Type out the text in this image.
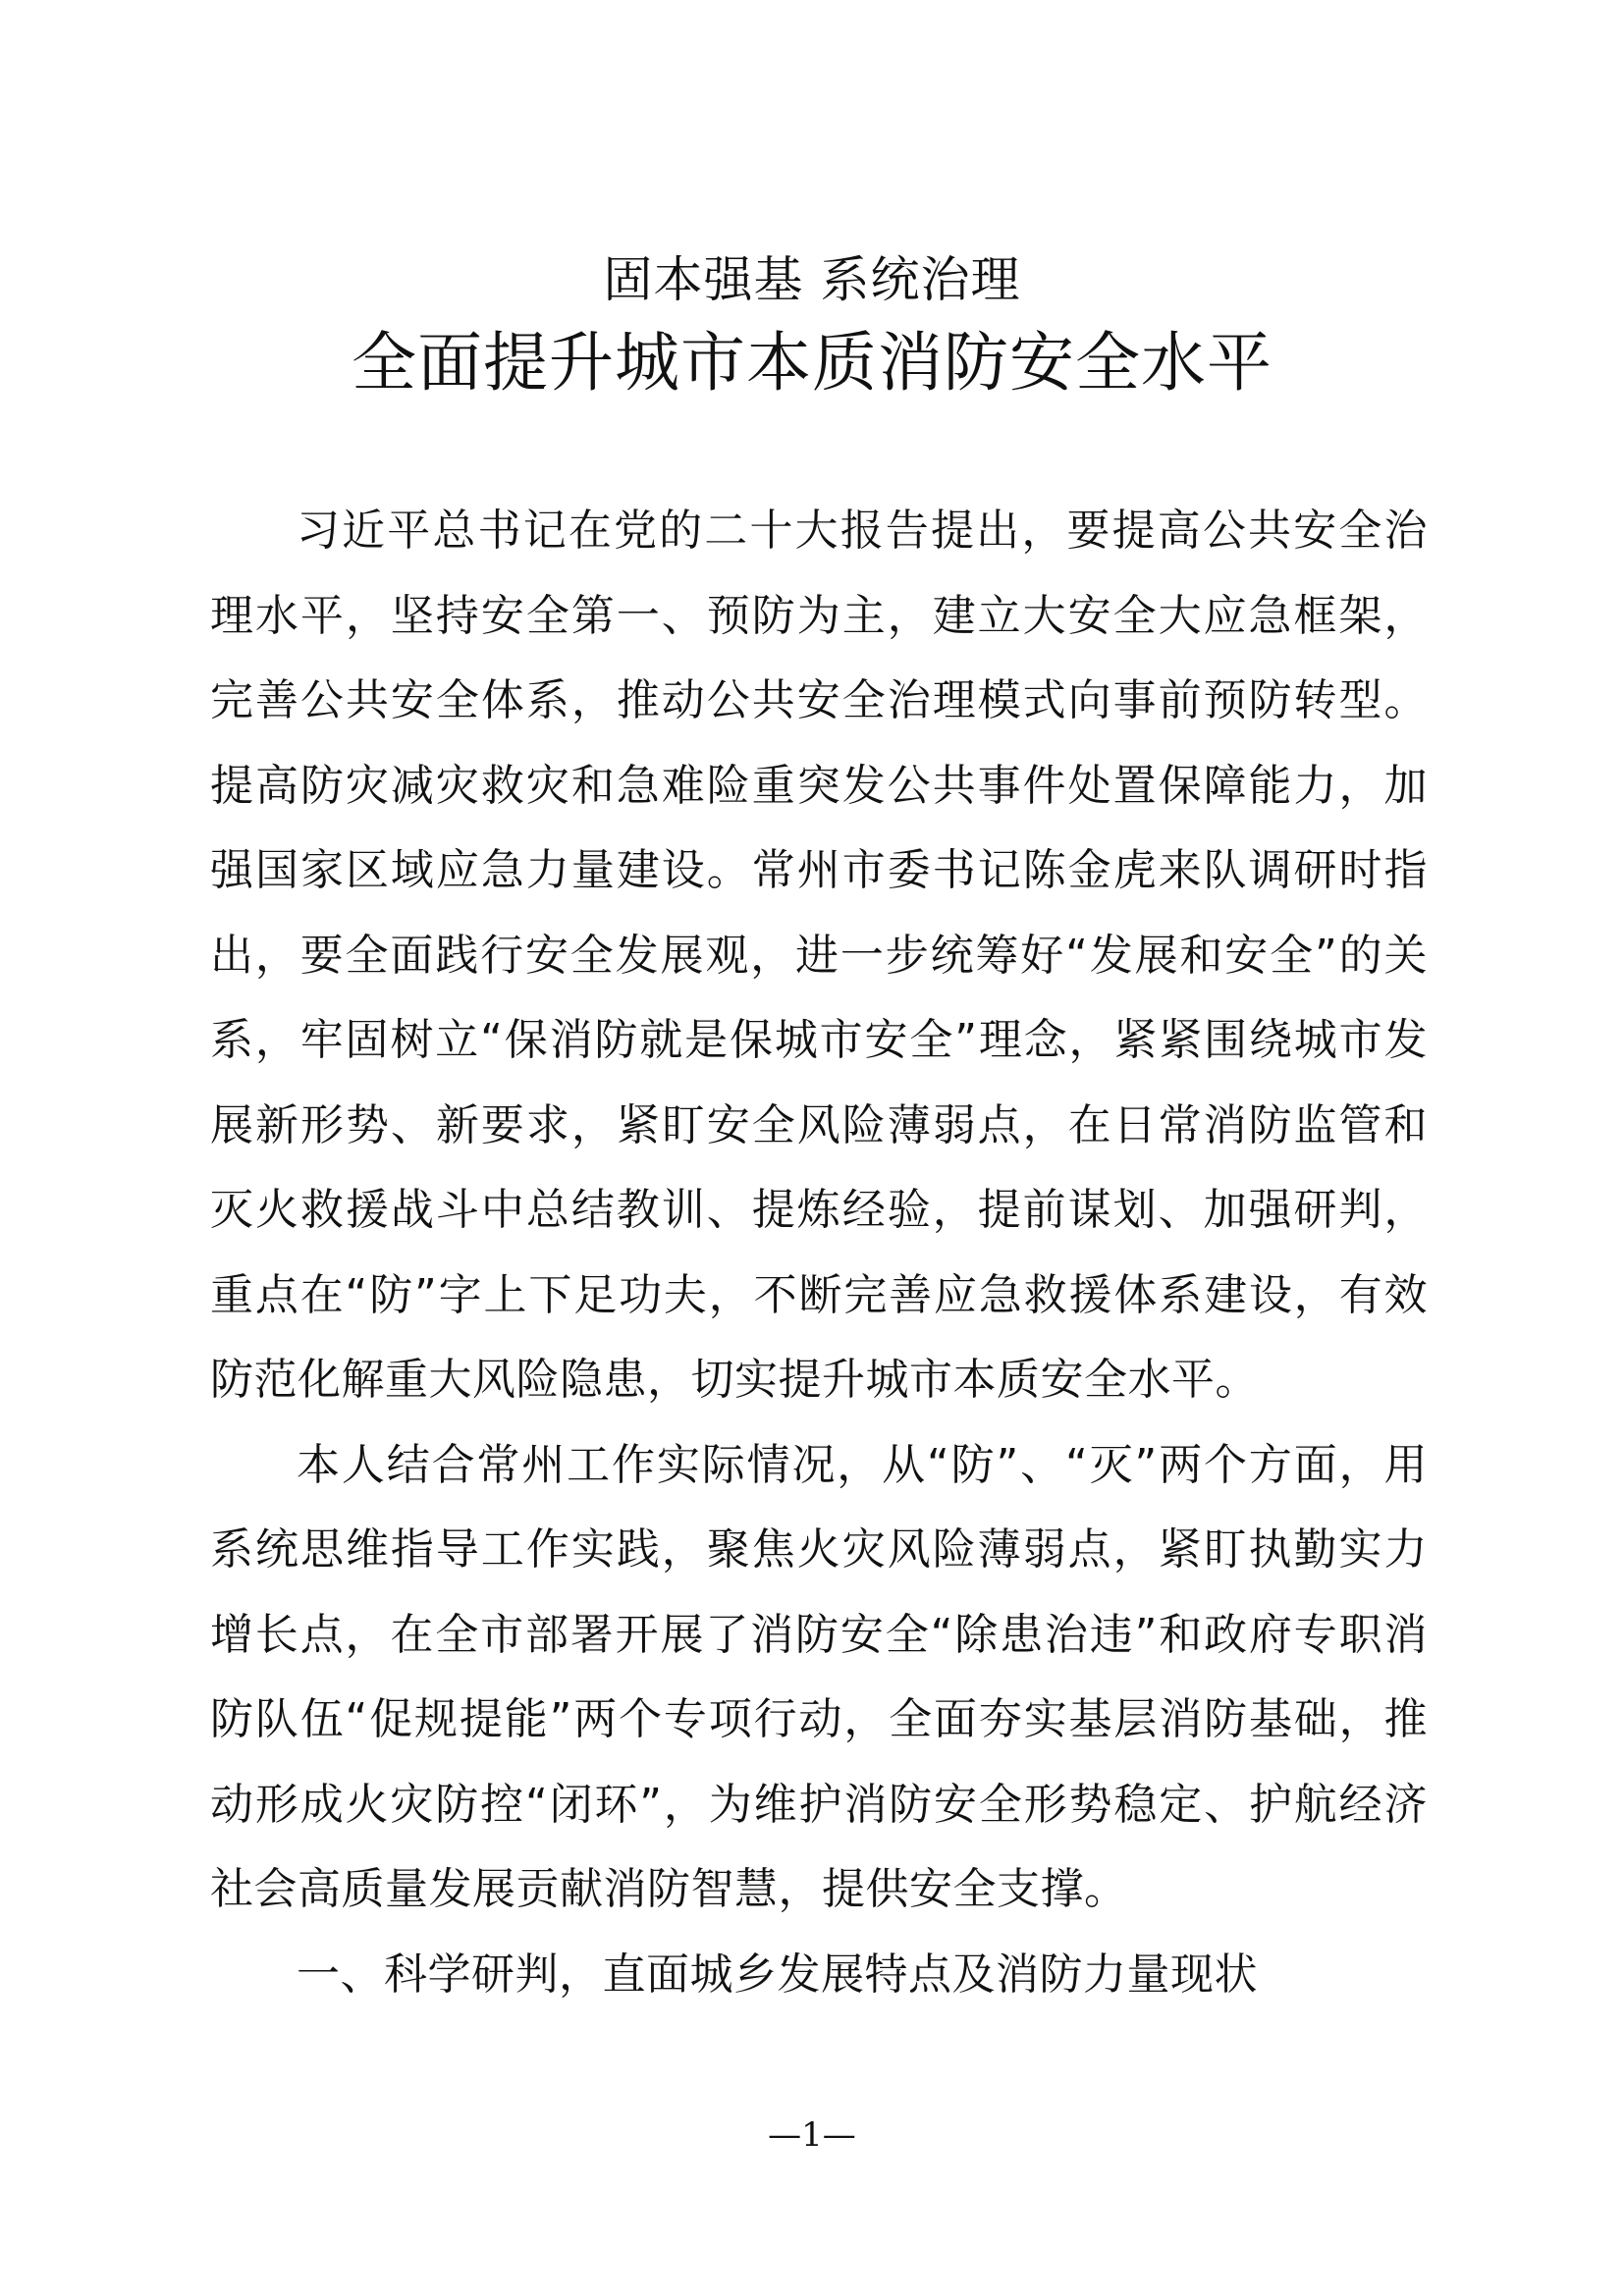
固本强基 系统治理
全面提升城市本质消防安全水平

习近平总书记在党的二十大报告提出，要提高公共安全治理水平，坚持安全第一、预防为主，建立大安全大应急框架，完善公共安全体系，推动公共安全治理模式向事前预防转型。提高防灾减灾救灾和急难险重突发公共事件处置保障能力，加强国家区域应急力量建设。常州市委书记陈金虎来队调研时指出，要全面践行安全发展观，进一步统筹好“发展和安全”的关系，牢固树立“保消防就是保城市安全”理念，紧紧围绕城市发展新形势、新要求，紧盯安全风险薄弱点，在日常消防监管和灭火救援战斗中总结教训、提炼经验，提前谋划、加强研判，重点在“防”字上下足功夫，不断完善应急救援体系建设，有效防范化解重大风险隐患，切实提升城市本质安全水平。

本人结合常州工作实际情况，从“防”、“灭”两个方面，用系统思维指导工作实践，聚焦火灾风险薄弱点，紧盯执勤实力增长点，在全市部署开展了消防安全“除患治违”和政府专职消防队伍“促规提能”两个专项行动，全面夯实基层消防基础，推动形成火灾防控“闭环”，为维护消防安全形势稳定、护航经济社会高质量发展贡献消防智慧，提供安全支撑。

一、科学研判，直面城乡发展特点及消防力量现状

—1—
